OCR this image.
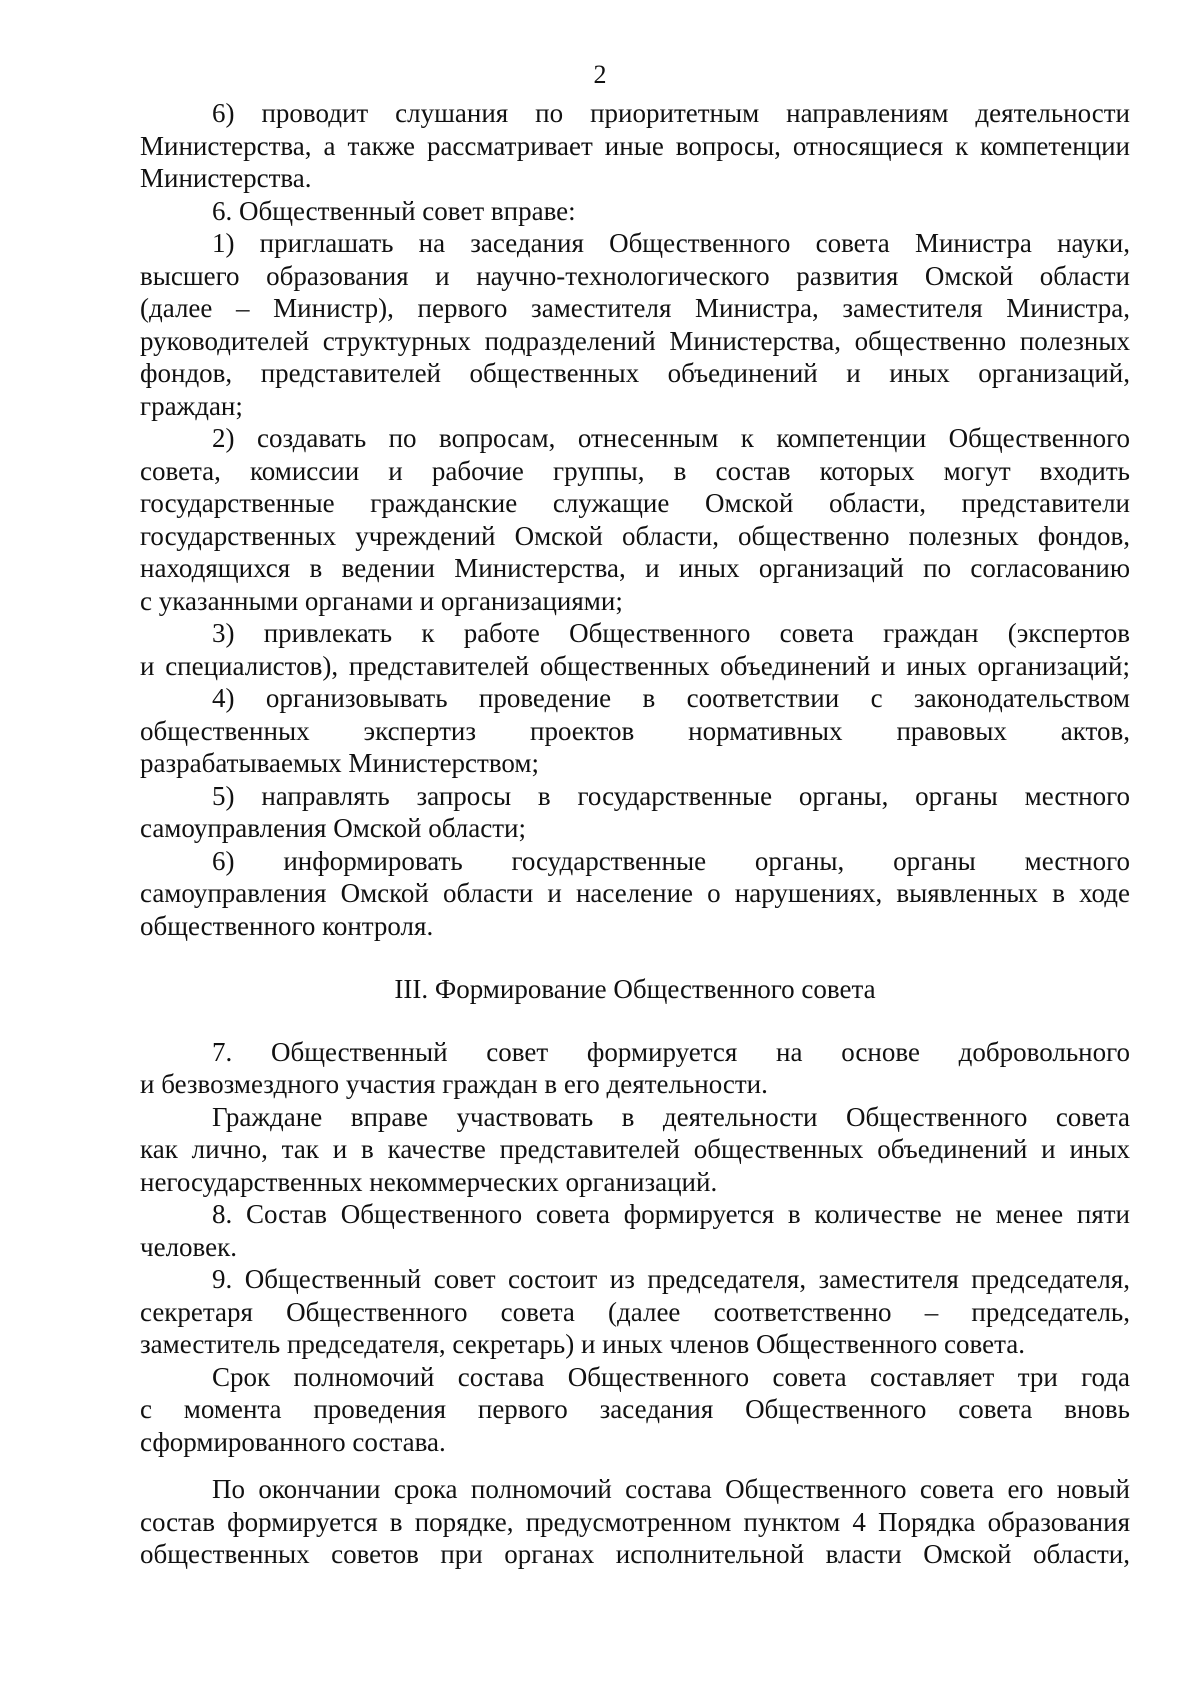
2
6) проводит слушания по приоритетным направлениям деятельности
Министерства, а также рассматривает иные вопросы, относящиеся к компетенции
Министерства.
6. Общественный совет вправе:
1) приглашать на заседания Общественного совета Министра науки,
высшего образования и научно-технологического развития Омской области
(далее – Министр), первого заместителя Министра, заместителя Министра,
руководителей структурных подразделений Министерства, общественно полезных
фондов, представителей общественных объединений и иных организаций,
граждан;
2) создавать по вопросам, отнесенным к компетенции Общественного
совета, комиссии и рабочие группы, в состав которых могут входить
государственные гражданские служащие Омской области, представители
государственных учреждений Омской области, общественно полезных фондов,
находящихся в ведении Министерства, и иных организаций по согласованию
с указанными органами и организациями;
3) привлекать к работе Общественного совета граждан (экспертов
и специалистов), представителей общественных объединений и иных организаций;
4) организовывать проведение в соответствии с законодательством
общественных экспертиз проектов нормативных правовых актов,
разрабатываемых Министерством;
5) направлять запросы в государственные органы, органы местного
самоуправления Омской области;
6) информировать государственные органы, органы местного
самоуправления Омской области и население о нарушениях, выявленных в ходе
общественного контроля.
III. Формирование Общественного совета
7. Общественный совет формируется на основе добровольного
и безвозмездного участия граждан в его деятельности.
Граждане вправе участвовать в деятельности Общественного совета
как лично, так и в качестве представителей общественных объединений и иных
негосударственных некоммерческих организаций.
8. Состав Общественного совета формируется в количестве не менее пяти
человек.
9. Общественный совет состоит из председателя, заместителя председателя,
секретаря Общественного совета (далее соответственно – председатель,
заместитель председателя, секретарь) и иных членов Общественного совета.
Срок полномочий состава Общественного совета составляет три года
с момента проведения первого заседания Общественного совета вновь
сформированного состава.
По окончании срока полномочий состава Общественного совета его новый
состав формируется в порядке, предусмотренном пунктом 4 Порядка образования
общественных советов при органах исполнительной власти Омской области,
